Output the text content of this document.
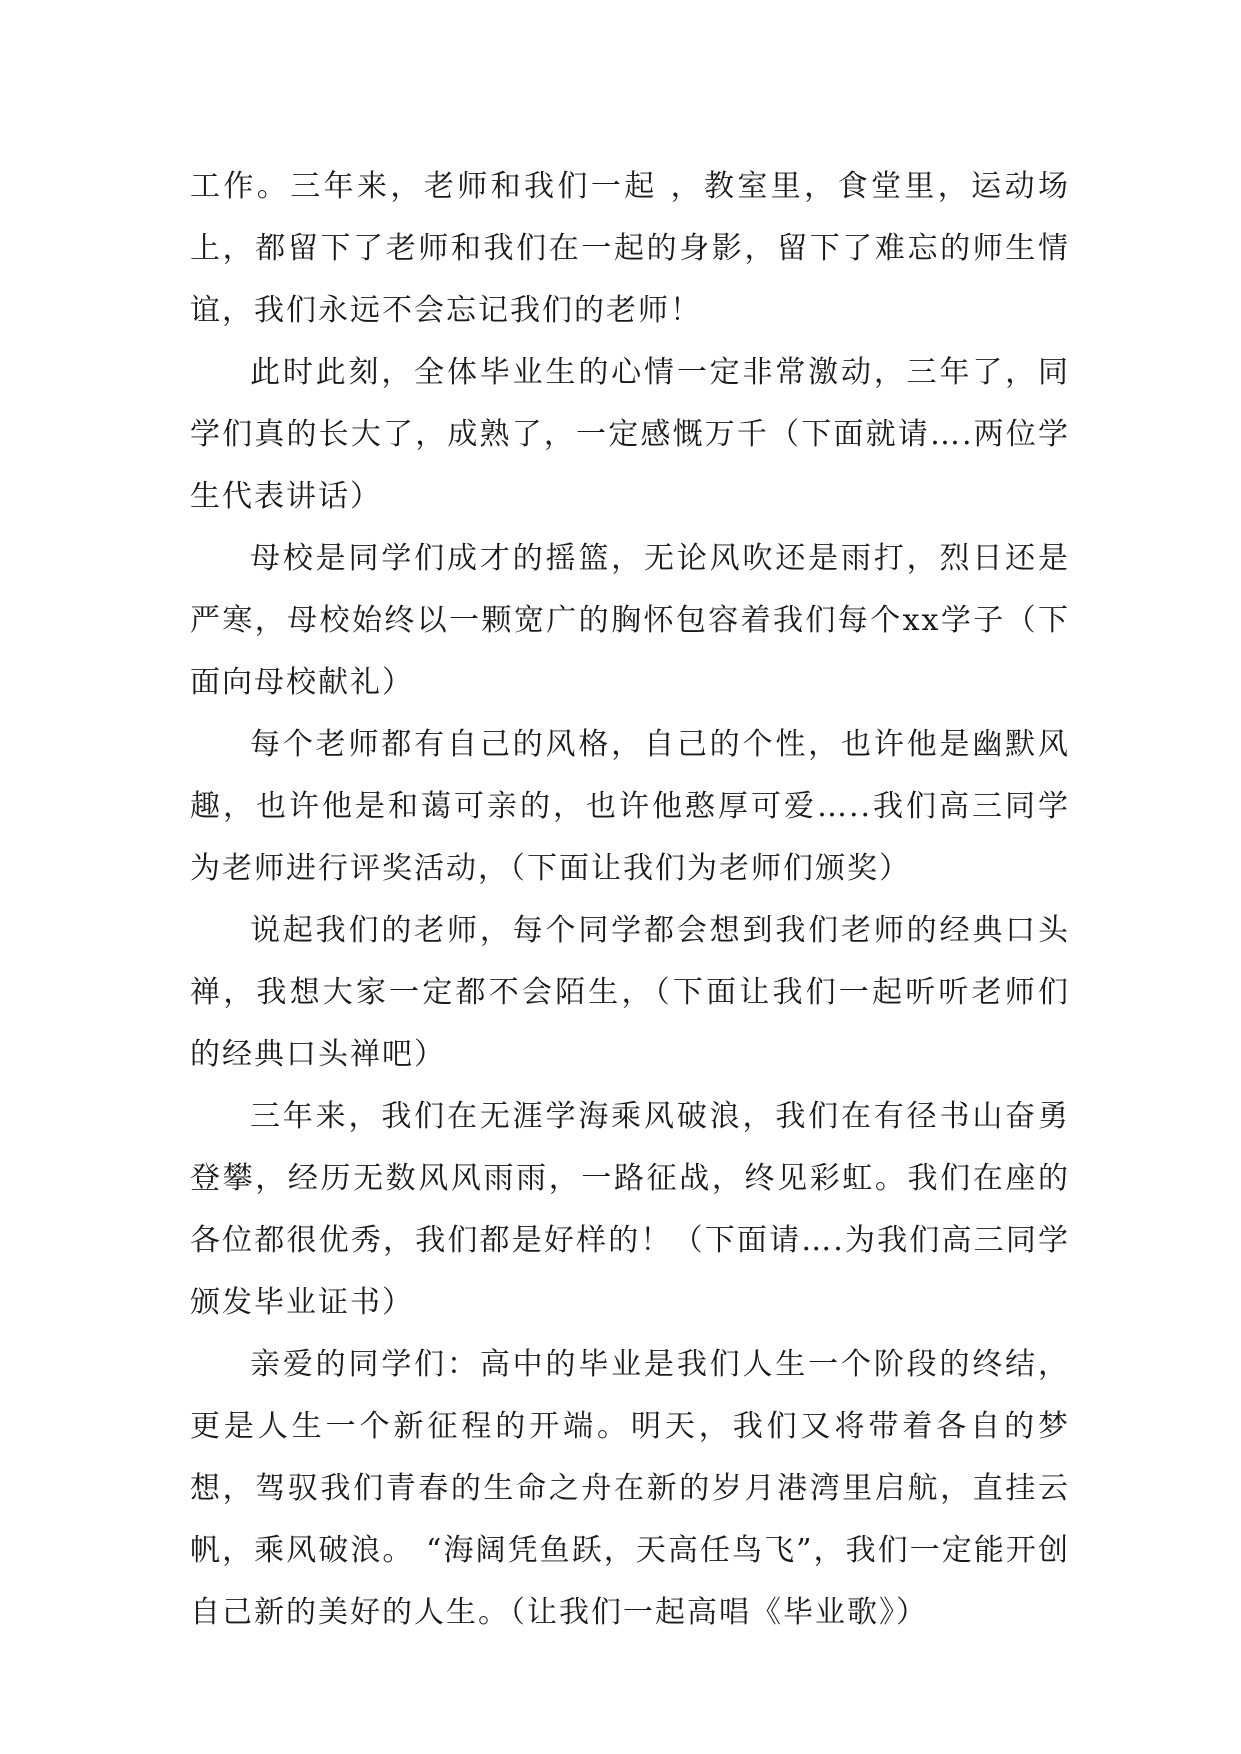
工作。三年来，老师和我们一起 ，教室里，食堂里，运动场上，都留下了老师和我们在一起的身影，留下了难忘的师生情谊，我们永远不会忘记我们的老师！

此时此刻，全体毕业生的心情一定非常激动，三年了，同学们真的长大了，成熟了，一定感慨万千（下面就请….两位学生代表讲话）

母校是同学们成才的摇篮，无论风吹还是雨打，烈日还是严寒，母校始终以一颗宽广的胸怀包容着我们每个xx学子（下面向母校献礼）

每个老师都有自己的风格，自己的个性，也许他是幽默风趣，也许他是和蔼可亲的，也许他憨厚可爱…..我们高三同学为老师进行评奖活动，（下面让我们为老师们颁奖）

说起我们的老师，每个同学都会想到我们老师的经典口头禅，我想大家一定都不会陌生，（下面让我们一起听听老师们的经典口头禅吧）

三年来，我们在无涯学海乘风破浪，我们在有径书山奋勇登攀，经历无数风风雨雨，一路征战，终见彩虹。我们在座的各位都很优秀，我们都是好样的！（下面请….为我们高三同学颁发毕业证书）

亲爱的同学们：高中的毕业是我们人生一个阶段的终结，更是人生一个新征程的开端。明天，我们又将带着各自的梦想，驾驭我们青春的生命之舟在新的岁月港湾里启航，直挂云帆，乘风破浪。 “海阔凭鱼跃，天高任鸟飞”，我们一定能开创自己新的美好的人生。（让我们一起高唱《毕业歌》）
